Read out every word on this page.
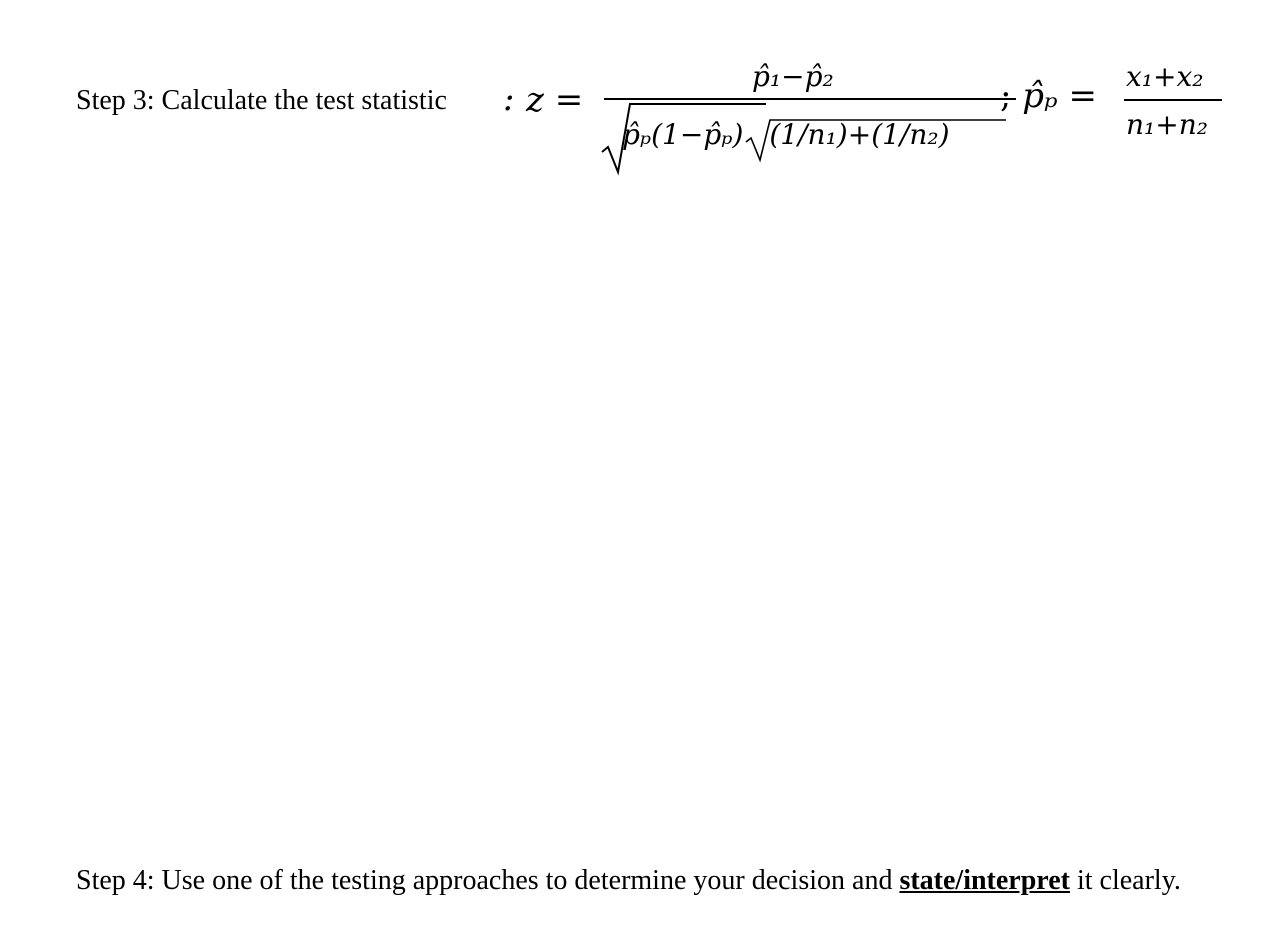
Step 3: Calculate the test statistic : z =
p̂₁−p̂₂
p̂ₚ(1−p̂ₚ) (1/n₁)+(1/n₂)
; p̂ₚ = x₁+x₂
n₁+n₂
Step 4: Use one of the testing approaches to determine your decision and state/interpret it clearly.
